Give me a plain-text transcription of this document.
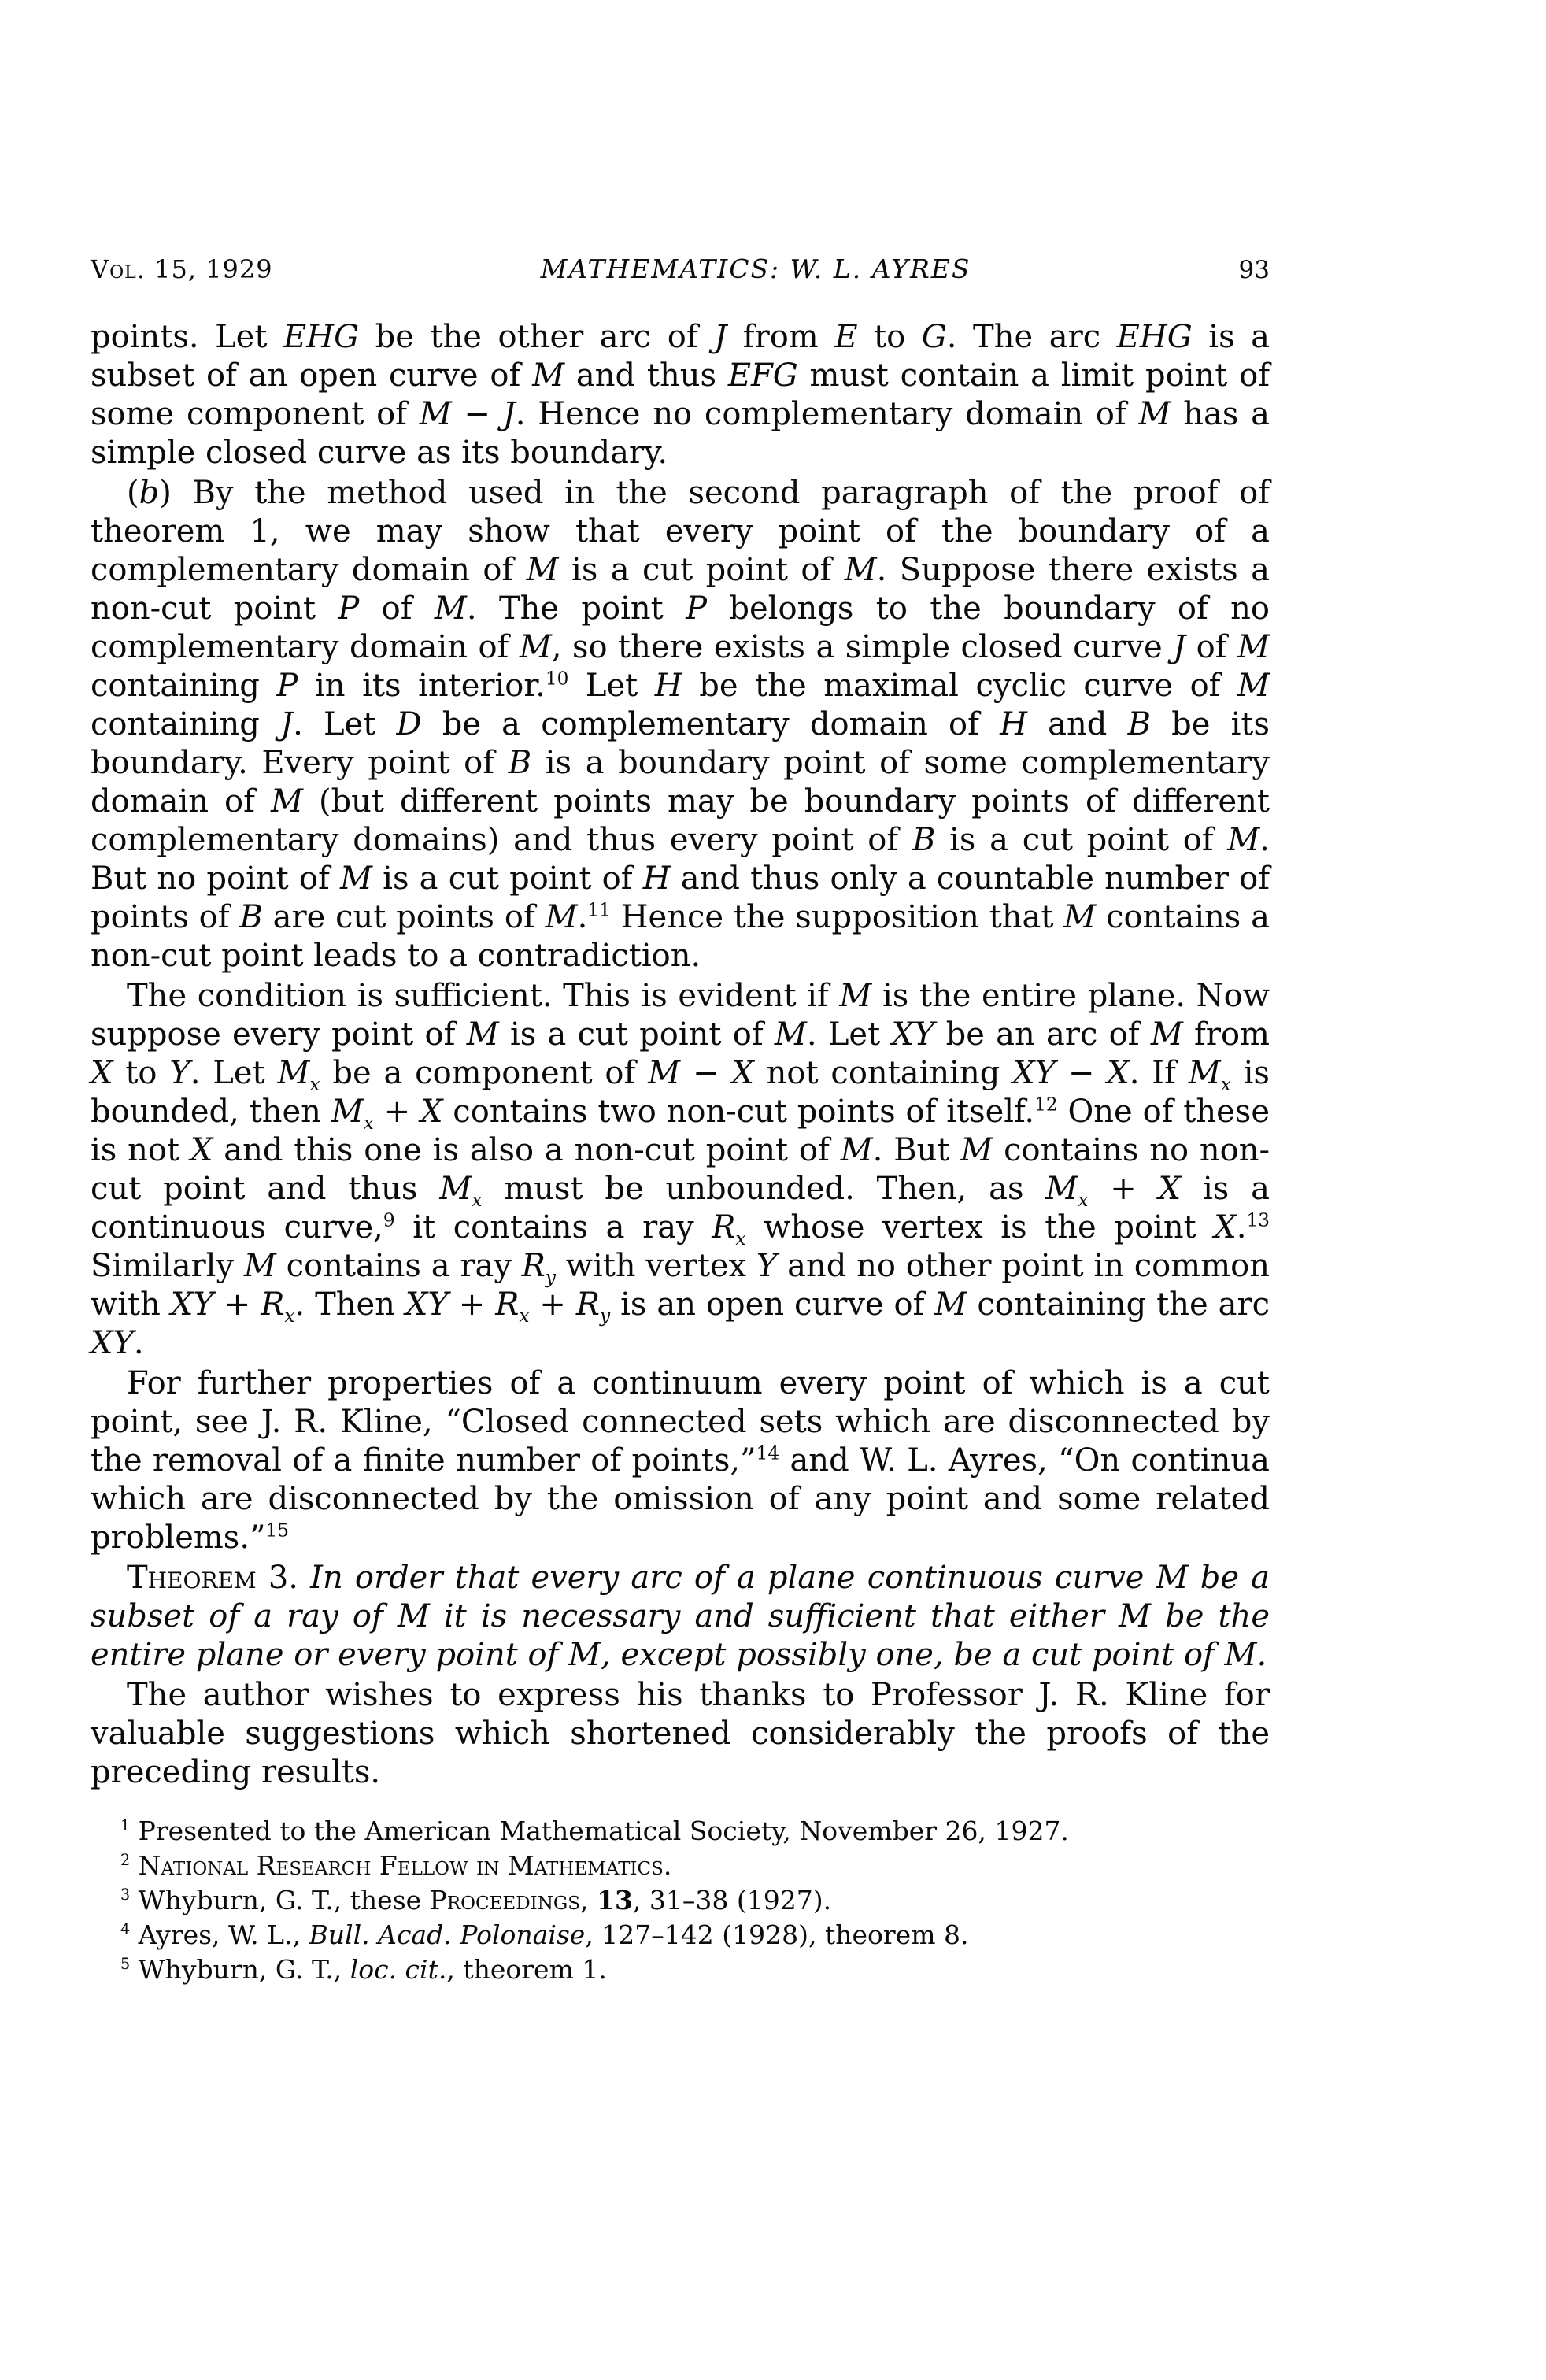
Vol. 15, 1929	MATHEMATICS: W. L. AYRES	93

points. Let EHG be the other arc of J from E to G. The arc EHG is a subset of an open curve of M and thus EFG must contain a limit point of some component of M − J. Hence no complementary domain of M has a simple closed curve as its boundary.

(b) By the method used in the second paragraph of the proof of theorem 1, we may show that every point of the boundary of a complementary domain of M is a cut point of M. Suppose there exists a non-cut point P of M. The point P belongs to the boundary of no complementary domain of M, so there exists a simple closed curve J of M containing P in its interior.$^{10}$ Let H be the maximal cyclic curve of M containing J. Let D be a complementary domain of H and B be its boundary. Every point of B is a boundary point of some complementary domain of M (but different points may be boundary points of different complementary domains) and thus every point of B is a cut point of M. But no point of M is a cut point of H and thus only a countable number of points of B are cut points of M.$^{11}$ Hence the supposition that M contains a non-cut point leads to a contradiction.

The condition is sufficient. This is evident if M is the entire plane. Now suppose every point of M is a cut point of M. Let XY be an arc of M from X to Y. Let $M_x$ be a component of M − X not containing XY − X. If $M_x$ is bounded, then $M_x + X$ contains two non-cut points of itself.$^{12}$ One of these is not X and this one is also a non-cut point of M. But M contains no non-cut point and thus $M_x$ must be unbounded. Then, as $M_x + X$ is a continuous curve,$^9$ it contains a ray $R_x$ whose vertex is the point X.$^{13}$ Similarly M contains a ray $R_y$ with vertex Y and no other point in common with XY + $R_x$. Then XY + $R_x + R_y$ is an open curve of M containing the arc XY.

For further properties of a continuum every point of which is a cut point, see J. R. Kline, “Closed connected sets which are disconnected by the removal of a finite number of points,”$^{14}$ and W. L. Ayres, “On continua which are disconnected by the omission of any point and some related problems.”$^{15}$

Theorem 3. In order that every arc of a plane continuous curve M be a subset of a ray of M it is necessary and sufficient that either M be the entire plane or every point of M, except possibly one, be a cut point of M.

The author wishes to express his thanks to Professor J. R. Kline for valuable suggestions which shortened considerably the proofs of the preceding results.

$^1$ Presented to the American Mathematical Society, November 26, 1927.

$^2$ National Research Fellow in Mathematics.

$^3$ Whyburn, G. T., these Proceedings, 13, 31–38 (1927).

$^4$ Ayres, W. L., Bull. Acad. Polonaise, 127–142 (1928), theorem 8.

$^5$ Whyburn, G. T., loc. cit., theorem 1.
